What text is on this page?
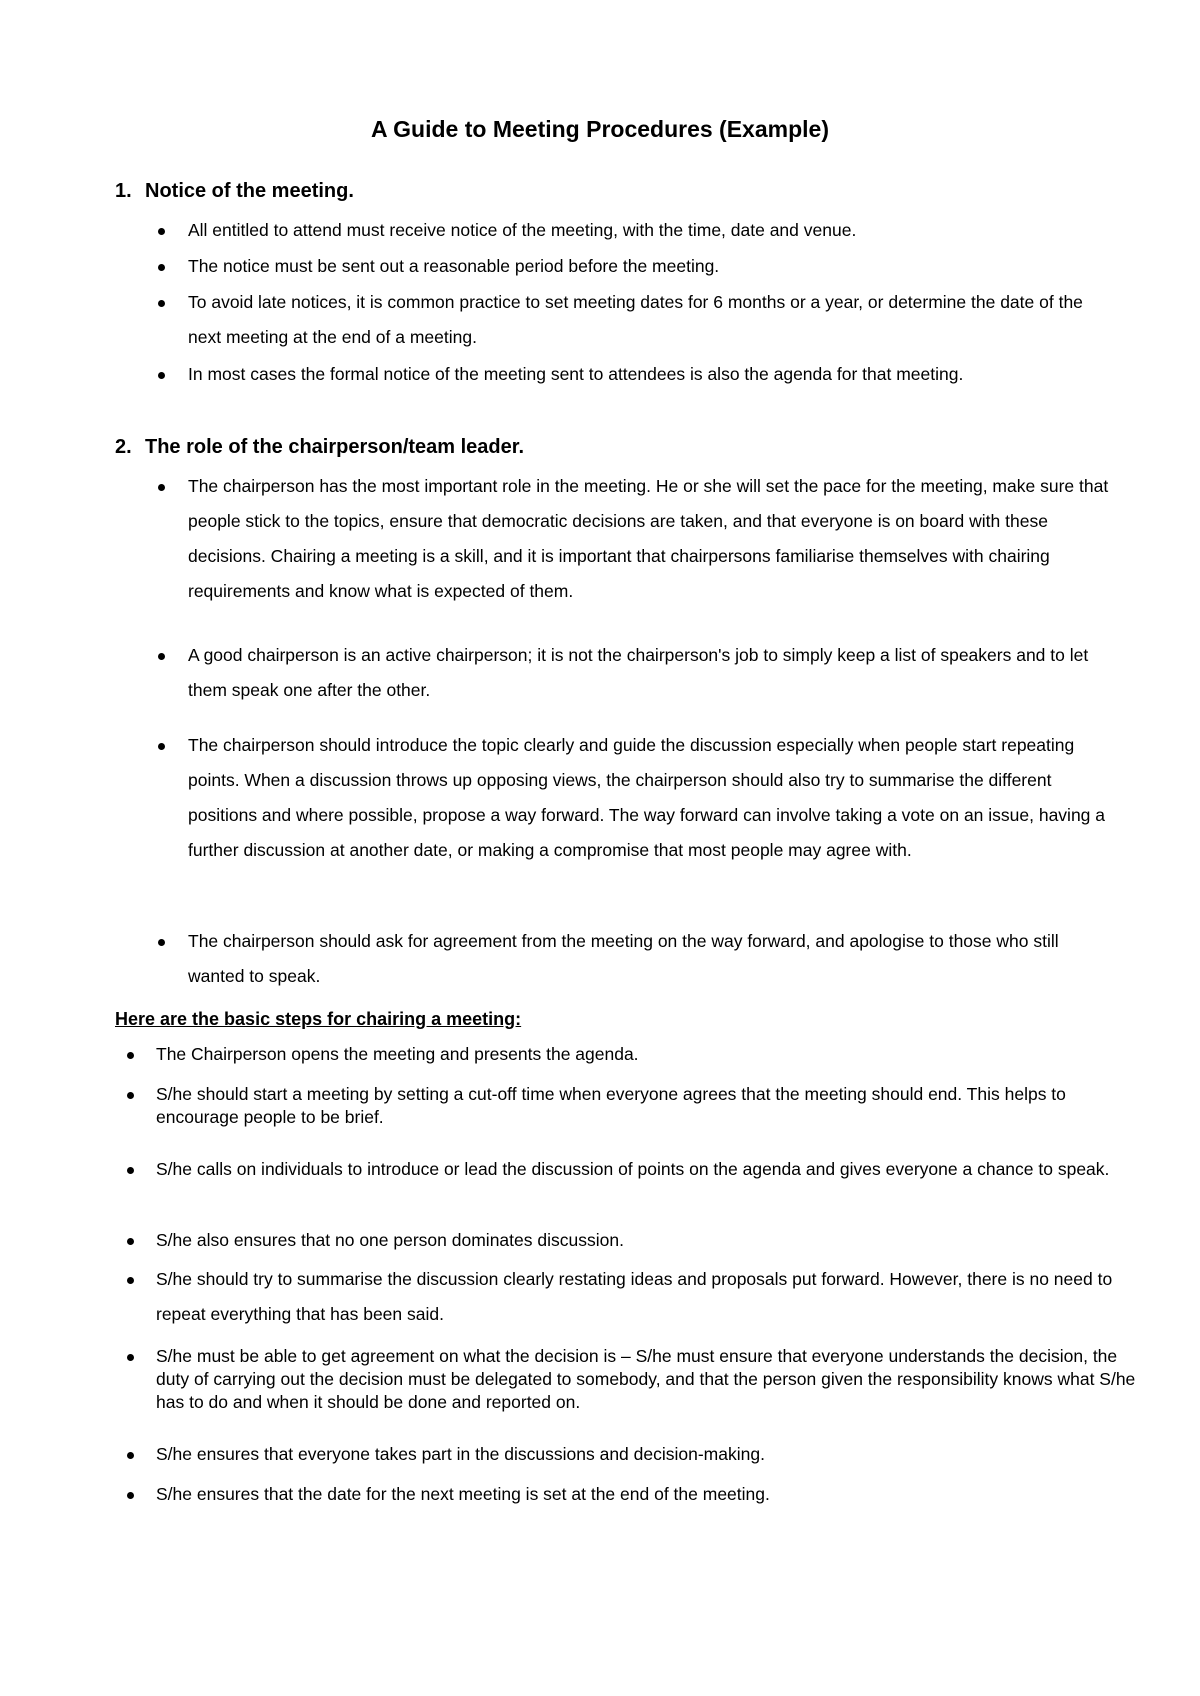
A Guide to Meeting Procedures (Example)
1. Notice of the meeting.
All entitled to attend must receive notice of the meeting, with the time, date and venue.
The notice must be sent out a reasonable period before the meeting.
To avoid late notices, it is common practice to set meeting dates for 6 months or a year, or determine the date of the next meeting at the end of a meeting.
In most cases the formal notice of the meeting sent to attendees is also the agenda for that meeting.
2. The role of the chairperson/team leader.
The chairperson has the most important role in the meeting. He or she will set the pace for the meeting, make sure that people stick to the topics, ensure that democratic decisions are taken, and that everyone is on board with these decisions. Chairing a meeting is a skill, and it is important that chairpersons familiarise themselves with chairing requirements and know what is expected of them.
A good chairperson is an active chairperson; it is not the chairperson's job to simply keep a list of speakers and to let them speak one after the other.
The chairperson should introduce the topic clearly and guide the discussion especially when people start repeating points. When a discussion throws up opposing views, the chairperson should also try to summarise the different positions and where possible, propose a way forward. The way forward can involve taking a vote on an issue, having a further discussion at another date, or making a compromise that most people may agree with.
The chairperson should ask for agreement from the meeting on the way forward, and apologise to those who still wanted to speak.
Here are the basic steps for chairing a meeting:
The Chairperson opens the meeting and presents the agenda.
S/he should start a meeting by setting a cut-off time when everyone agrees that the meeting should end. This helps to encourage people to be brief.
S/he calls on individuals to introduce or lead the discussion of points on the agenda and gives everyone a chance to speak.
S/he also ensures that no one person dominates discussion.
S/he should try to summarise the discussion clearly restating ideas and proposals put forward. However, there is no need to repeat everything that has been said.
S/he must be able to get agreement on what the decision is – S/he must ensure that everyone understands the decision, the duty of carrying out the decision must be delegated to somebody, and that the person given the responsibility knows what S/he has to do and when it should be done and reported on.
S/he ensures that everyone takes part in the discussions and decision-making.
S/he ensures that the date for the next meeting is set at the end of the meeting.
